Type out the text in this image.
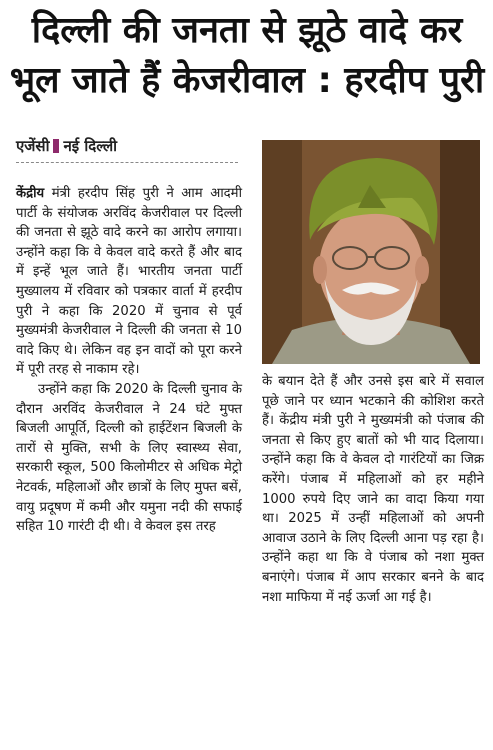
दिल्ली की जनता से झूठे वादे कर
भूल जाते हैं केजरीवाल : हरदीप पुरी
एजेंसी नई दिल्ली

केंद्रीय मंत्री हरदीप सिंह पुरी ने आम आदमी पार्टी के संयोजक अरविंद केजरीवाल पर दिल्ली की जनता से झूठे वादे करने का आरोप लगाया। उन्होंने कहा कि वे केवल वादे करते हैं और बाद में इन्हें भूल जाते हैं। भारतीय जनता पार्टी मुख्यालय में रविवार को पत्रकार वार्ता में हरदीप पुरी ने कहा कि 2020 में चुनाव से पूर्व मुख्यमंत्री केजरीवाल ने दिल्ली की जनता से 10 वादे किए थे। लेकिन वह इन वादों को पूरा करने में पूरी तरह से नाकाम रहे।

उन्होंने कहा कि 2020 के दिल्ली चुनाव के दौरान अरविंद केजरीवाल ने 24 घंटे मुफ्त बिजली आपूर्ति, दिल्ली को हाईटेंशन बिजली के तारों से मुक्ति, सभी के लिए स्वास्थ्य सेवा, सरकारी स्कूल, 500 किलोमीटर से अधिक मेट्रो नेटवर्क, महिलाओं और छात्रों के लिए मुफ्त बसें, वायु प्रदूषण में कमी और यमुना नदी की सफाई सहित 10 गारंटी दी थी। वे केवल इस तरह

के बयान देते हैं और उनसे इस बारे में सवाल पूछे जाने पर ध्यान भटकाने की कोशिश करते हैं। केंद्रीय मंत्री पुरी ने मुख्यमंत्री को पंजाब की जनता से किए हुए बातों को भी याद दिलाया। उन्होंने कहा कि वे केवल दो गारंटियों का जिक्र करेंगे। पंजाब में महिलाओं को हर महीने 1000 रुपये दिए जाने का वादा किया गया था। 2025 में उन्हीं महिलाओं को अपनी आवाज उठाने के लिए दिल्ली आना पड़ रहा है। उन्होंने कहा था कि वे पंजाब को नशा मुक्त बनाएंगे। पंजाब में आप सरकार बनने के बाद नशा माफिया में नई ऊर्जा आ गई है।
